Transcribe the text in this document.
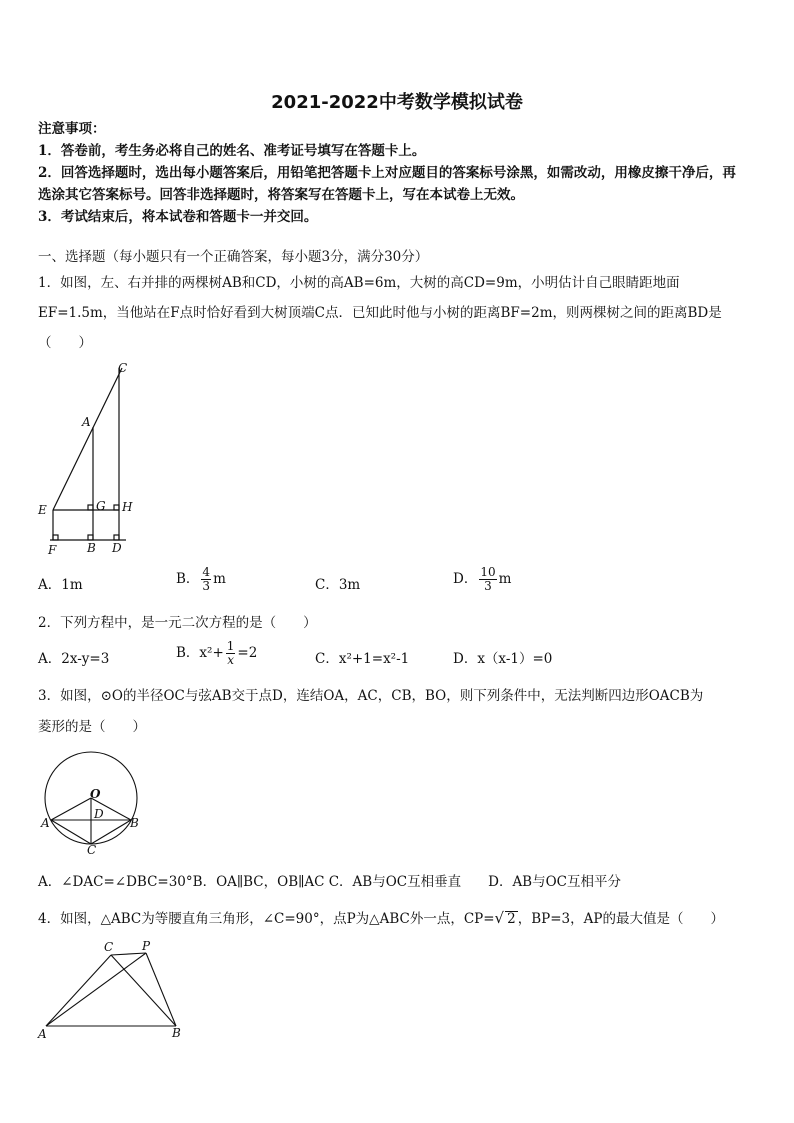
2021-2022中考数学模拟试卷
注意事项：
1．答卷前，考生务必将自己的姓名、准考证号填写在答题卡上。
2．回答选择题时，选出每小题答案后，用铅笔把答题卡上对应题目的答案标号涂黑，如需改动，用橡皮擦干净后，再
选涂其它答案标号。回答非选择题时，将答案写在答题卡上，写在本试卷上无效。
3．考试结束后，将本试卷和答题卡一并交回。
一、选择题（每小题只有一个正确答案，每小题3分，满分30分）
1．如图，左、右并排的两棵树AB和CD，小树的高AB=6m，大树的高CD=9m，小明估计自己眼睛距地面
EF=1.5m，当他站在F点时恰好看到大树顶端C点．已知此时他与小树的距离BF=2m，则两棵树之间的距离BD是
（　　）
C
A
E	G H
F	B D
A．1m	B． $\frac{4}{3}$ m	C．3m	D． $\frac{10}{3}$ m
2．下列方程中，是一元二次方程的是（　　）
A．2x-y=3	B．$x^2+ \frac{1}{x} =2$	C．x²+1=x²-1	D．x（x-1）=0
3．如图，⊙O的半径OC与弦AB交于点D，连结OA，AC，CB，BO，则下列条件中，无法判断四边形OACB为
菱形的是（　　）
O
A	B
D
C
A．∠DAC=∠DBC=30°B．OA∥BC，OB∥AC C．AB与OC互相垂直　　D．AB与OC互相平分
4．如图，△ABC为等腰直角三角形，∠C=90°，点P为△ABC外一点，CP=√ 2 ，BP=3，AP的最大值是（　　）
C P
A	B
